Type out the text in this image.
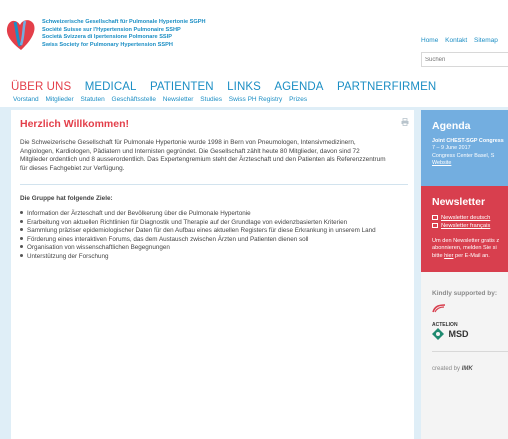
Schweizerische Gesellschaft für Pulmonale Hypertonie SGPH
Société Suisse sur l'Hypertension Pulmonaire SSHP
Società Svizzera di Ipertensione Polmonare SSIP
Swiss Society for Pulmonary Hypertension SSPH
Home Kontakt Sitemap
Suchen
ÜBER UNS MEDICAL PATIENTEN LINKS AGENDA PARTNERFIRMEN
Vorstand Mitglieder Statuten Geschäftsstelle Newsletter Studies Swiss PH Registry Prizes
Herzlich Willkommen!
Die Schweizerische Gesellschaft für Pulmonale Hypertonie wurde 1998 in Bern von Pneumologen, Intensivmedizinern,
Angiologen, Kardiologen, Pädiatern und Internisten gegründet. Die Gesellschaft zählt heute 80 Mitglieder, davon sind 72
Mitglieder ordentlich und 8 ausserordentlich. Das Expertengremium steht der Ärzteschaft und den Patienten als Referenzzentrum
für dieses Fachgebiet zur Verfügung.
Die Gruppe hat folgende Ziele:
Information der Ärzteschaft und der Bevölkerung über die Pulmonale Hypertonie
Erarbeitung von aktuellen Richtlinien für Diagnostik und Therapie auf der Grundlage von evidenzbasierten Kriterien
Sammlung präziser epidemiologischer Daten für den Aufbau eines aktuellen Registers für diese Erkrankung in unserem Land
Förderung eines interaktiven Forums, das dem Austausch zwischen Ärzten und Patienten dienen soll
Organisation von wissenschaftlichen Begegnungen
Unterstützung der Forschung
Agenda
Joint CHEST-SGP Congress
7 – 9 June 2017
Congress Center Basel, S
Website
Newsletter
Newsletter deutsch
Newsletter français
Um den Newsletter gratis z
abonnieren, melden Sie si
bitte hier per E-Mail an.
Kindly supported by:
ACTELION
MSD
created by IMK
